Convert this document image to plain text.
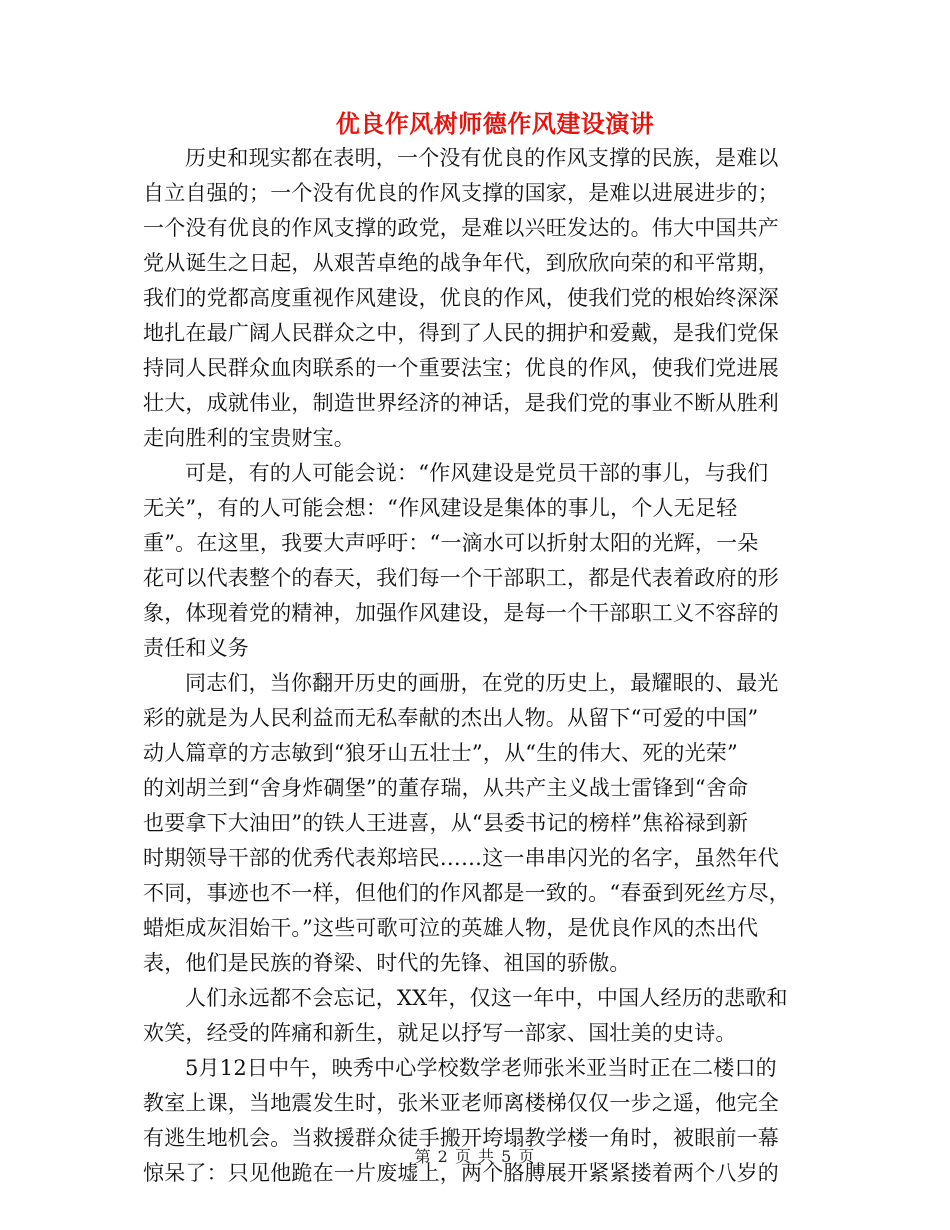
优良作风树师德作风建设演讲
历史和现实都在表明，一个没有优良的作风支撑的民族，是难以
自立自强的；一个没有优良的作风支撑的国家，是难以进展进步的；
一个没有优良的作风支撑的政党，是难以兴旺发达的。伟大中国共产
党从诞生之日起，从艰苦卓绝的战争年代，到欣欣向荣的和平常期，
我们的党都高度重视作风建设，优良的作风，使我们党的根始终深深
地扎在最广阔人民群众之中，得到了人民的拥护和爱戴，是我们党保
持同人民群众血肉联系的一个重要法宝；优良的作风，使我们党进展
壮大，成就伟业，制造世界经济的神话，是我们党的事业不断从胜利
走向胜利的宝贵财宝。
可是，有的人可能会说：“作风建设是党员干部的事儿，与我们
无关”，有的人可能会想：“作风建设是集体的事儿，个人无足轻
重”。在这里，我要大声呼吁：“一滴水可以折射太阳的光辉，一朵
花可以代表整个的春天，我们每一个干部职工，都是代表着政府的形
象，体现着党的精神，加强作风建设，是每一个干部职工义不容辞的
责任和义务
同志们，当你翻开历史的画册，在党的历史上，最耀眼的、最光
彩的就是为人民利益而无私奉献的杰出人物。从留下“可爱的中国”
动人篇章的方志敏到“狼牙山五壮士”，从“生的伟大、死的光荣”
的刘胡兰到“舍身炸碉堡”的董存瑞，从共产主义战士雷锋到“舍命
也要拿下大油田”的铁人王进喜，从“县委书记的榜样”焦裕禄到新
时期领导干部的优秀代表郑培民……这一串串闪光的名字，虽然年代
不同，事迹也不一样，但他们的作风都是一致的。“春蚕到死丝方尽，
蜡炬成灰泪始干。”这些可歌可泣的英雄人物，是优良作风的杰出代
表，他们是民族的脊梁、时代的先锋、祖国的骄傲。
人们永远都不会忘记，XX年，仅这一年中，中国人经历的悲歌和
欢笑，经受的阵痛和新生，就足以抒写一部家、国壮美的史诗。
5月12日中午，映秀中心学校数学老师张米亚当时正在二楼口的
教室上课，当地震发生时，张米亚老师离楼梯仅仅一步之遥，他完全
有逃生地机会。当救援群众徒手搬开垮塌教学楼一角时，被眼前一幕
惊呆了：只见他跪在一片废墟上，两个胳膊展开紧紧搂着两个八岁的
第 2 页 共 5 页
